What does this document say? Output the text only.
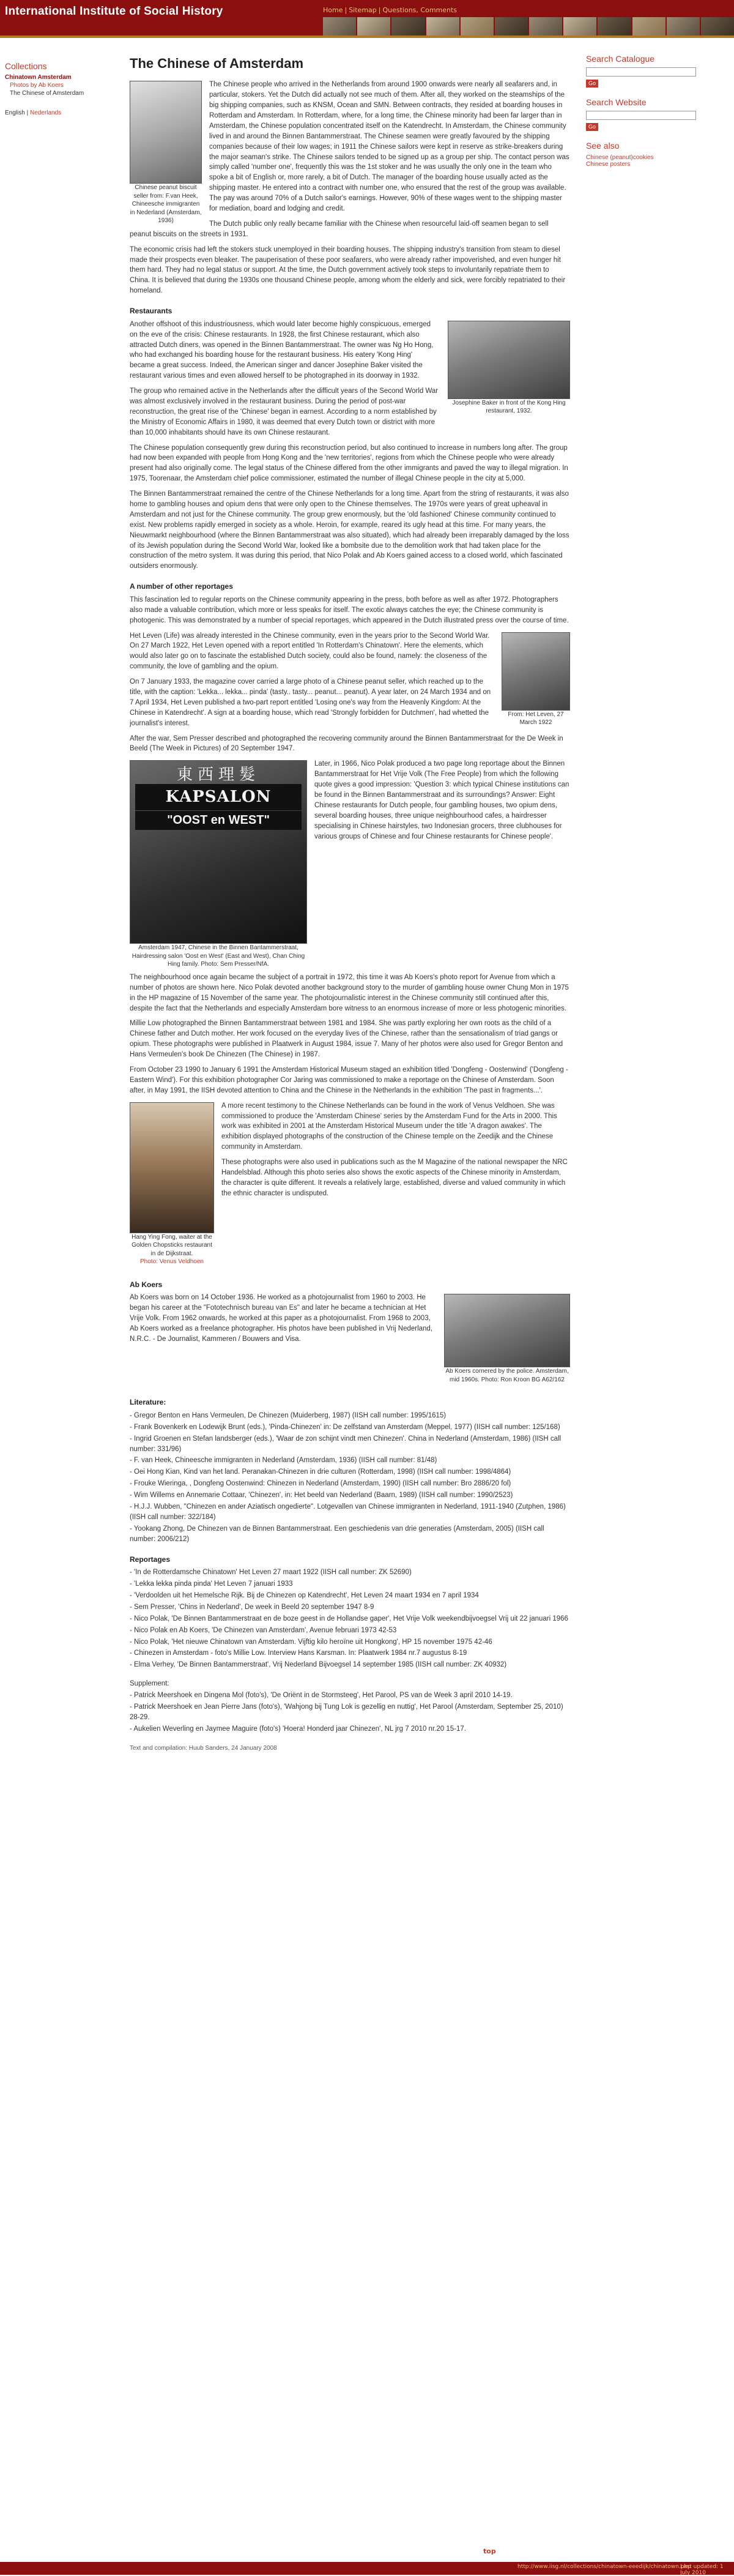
International Institute of Social History	Home | Sitemap | Questions, Comments
Collections
Chinatown Amsterdam
Photos by Ab Koers
The Chinese of Amsterdam
English | Nederlands
Search Catalogue
Go
Search Website
Go
See also
Chinese (peanut)cookies
Chinese posters
The Chinese of Amsterdam
Chinese peanut biscuit seller from: F.van Heek, Chineesche immigranten in Nederland (Amsterdam, 1936)

The Chinese people who arrived in the Netherlands from around 1900 onwards were nearly all seafarers and, in particular, stokers. Yet the Dutch did actually not see much of them. After all, they worked on the steamships of the big shipping companies, such as KNSM, Ocean and SMN. Between contracts, they resided at boarding houses in Rotterdam and Amsterdam. In Rotterdam, where, for a long time, the Chinese minority had been far larger than in Amsterdam, the Chinese population concentrated itself on the Katendrecht. In Amsterdam, the Chinese community lived in and around the Binnen Bantammerstraat. The Chinese seamen were greatly favoured by the shipping companies because of their low wages; in 1911 the Chinese sailors were kept in reserve as strike-breakers during the major seaman's strike. The Chinese sailors tended to be signed up as a group per ship. The contact person was simply called 'number one', frequently this was the 1st stoker and he was usually the only one in the team who spoke a bit of English or, more rarely, a bit of Dutch. The manager of the boarding house usually acted as the shipping master. He entered into a contract with number one, who ensured that the rest of the group was available. The pay was around 70% of a Dutch sailor's earnings. However, 90% of these wages went to the shipping master for mediation, board and lodging and credit.

The Dutch public only really became familiar with the Chinese when resourceful laid-off seamen began to sell peanut biscuits on the streets in 1931.

The economic crisis had left the stokers stuck unemployed in their boarding houses. The shipping industry's transition from steam to diesel made their prospects even bleaker. The pauperisation of these poor seafarers, who were already rather impoverished, and even hunger hit them hard. They had no legal status or support. At the time, the Dutch government actively took steps to involuntarily repatriate them to China. It is believed that during the 1930s one thousand Chinese people, among whom the elderly and sick, were forcibly repatriated to their homeland.

Restaurants
Josephine Baker in front of the Kong Hing restaurant, 1932.

Another offshoot of this industriousness, which would later become highly conspicuous, emerged on the eve of the crisis: Chinese restaurants. In 1928, the first Chinese restaurant, which also attracted Dutch diners, was opened in the Binnen Bantammerstraat. The owner was Ng Ho Hong, who had exchanged his boarding house for the restaurant business. His eatery 'Kong Hing' became a great success. Indeed, the American singer and dancer Josephine Baker visited the restaurant various times and even allowed herself to be photographed in its doorway in 1932.

The group who remained active in the Netherlands after the difficult years of the Second World War was almost exclusively involved in the restaurant business. During the period of post-war reconstruction, the great rise of the 'Chinese' began in earnest. According to a norm established by the Ministry of Economic Affairs in 1980, it was deemed that every Dutch town or district with more than 10,000 inhabitants should have its own Chinese restaurant.

The Chinese population consequently grew during this reconstruction period, but also continued to increase in numbers long after. The group had now been expanded with people from Hong Kong and the 'new territories', regions from which the Chinese people who were already present had also originally come. The legal status of the Chinese differed from the other immigrants and paved the way to illegal migration. In 1975, Toorenaar, the Amsterdam chief police commissioner, estimated the number of illegal Chinese people in the city at 5,000.

The Binnen Bantammerstraat remained the centre of the Chinese Netherlands for a long time. Apart from the string of restaurants, it was also home to gambling houses and opium dens that were only open to the Chinese themselves. The 1970s were years of great upheaval in Amsterdam and not just for the Chinese community. The group grew enormously, but the 'old fashioned' Chinese community continued to exist. New problems rapidly emerged in society as a whole. Heroin, for example, reared its ugly head at this time. For many years, the Nieuwmarkt neighbourhood (where the Binnen Bantammerstraat was also situated), which had already been irreparably damaged by the loss of its Jewish population during the Second World War, looked like a bombsite due to the demolition work that had taken place for the construction of the metro system. It was during this period, that Nico Polak and Ab Koers gained access to a closed world, which fascinated outsiders enormously.

A number of other reportages

This fascination led to regular reports on the Chinese community appearing in the press, both before as well as after 1972. Photographers also made a valuable contribution, which more or less speaks for itself. The exotic always catches the eye; the Chinese community is photogenic. This was demonstrated by a number of special reportages, which appeared in the Dutch illustrated press over the course of time.

From: Het Leven, 27 March 1922

Het Leven (Life) was already interested in the Chinese community, even in the years prior to the Second World War. On 27 March 1922, Het Leven opened with a report entitled 'In Rotterdam's Chinatown'. Here the elements, which would also later go on to fascinate the established Dutch society, could also be found, namely: the closeness of the community, the love of gambling and the opium.

On 7 January 1933, the magazine cover carried a large photo of a Chinese peanut seller, which reached up to the title, with the caption: 'Lekka... lekka... pinda' (tasty.. tasty... peanut... peanut). A year later, on 24 March 1934 and on 7 April 1934, Het Leven published a two-part report entitled 'Losing one's way from the Heavenly Kingdom: At the Chinese in Katendrecht'. A sign at a boarding house, which read 'Strongly forbidden for Dutchmen', had whetted the journalist's interest.

After the war, Sem Presser described and photographed the recovering community around the Binnen Bantammerstraat for the De Week in Beeld (The Week in Pictures) of 20 September 1947.

東西理髮
KAPSALON
"OOST en WEST"
Amsterdam 1947, Chinese in the Binnen Bantammerstraat, Hairdressing salon 'Oost en West' (East and West), Chan Ching Hing family. Photo: Sem Presser/NfA.

Later, in 1966, Nico Polak produced a two page long reportage about the Binnen Bantammerstraat for Het Vrije Volk (The Free People) from which the following quote gives a good impression: 'Question 3: which typical Chinese institutions can be found in the Binnen Bantammerstraat and its surroundings? Answer: Eight Chinese restaurants for Dutch people, four gambling houses, two opium dens, several boarding houses, three unique neighbourhood cafes, a hairdresser specialising in Chinese hairstyles, two Indonesian grocers, three clubhouses for various groups of Chinese and four Chinese restaurants for Chinese people'.

The neighbourhood once again became the subject of a portrait in 1972, this time it was Ab Koers's photo report for Avenue from which a number of photos are shown here. Nico Polak devoted another background story to the murder of gambling house owner Chung Mon in 1975 in the HP magazine of 15 November of the same year. The photojournalistic interest in the Chinese community still continued after this, despite the fact that the Netherlands and especially Amsterdam bore witness to an enormous increase of more or less photogenic minorities.

Millie Low photographed the Binnen Bantammerstraat between 1981 and 1984. She was partly exploring her own roots as the child of a Chinese father and Dutch mother. Her work focused on the everyday lives of the Chinese, rather than the sensationalism of triad gangs or opium. These photographs were published in Plaatwerk in August 1984, issue 7. Many of her photos were also used for Gregor Benton and Hans Vermeulen's book De Chinezen (The Chinese) in 1987.

From October 23 1990 to January 6 1991 the Amsterdam Historical Museum staged an exhibition titled 'Dongfeng - Oostenwind' ('Dongfeng - Eastern Wind'). For this exhibition photographer Cor Jaring was commissioned to make a reportage on the Chinese of Amsterdam. Soon after, in May 1991, the IISH devoted attention to China and the Chinese in the Netherlands in the exhibition 'The past in fragments...'.

Hang Ying Fong, waiter at the Golden Chopsticks restaurant in de Dijkstraat.
Photo: Venus Veldhoen

A more recent testimony to the Chinese Netherlands can be found in the work of Venus Veldhoen. She was commissioned to produce the 'Amsterdam Chinese' series by the Amsterdam Fund for the Arts in 2000. This work was exhibited in 2001 at the Amsterdam Historical Museum under the title 'A dragon awakes'. The exhibition displayed photographs of the construction of the Chinese temple on the Zeedijk and the Chinese community in Amsterdam.

These photographs were also used in publications such as the M Magazine of the national newspaper the NRC Handelsblad. Although this photo series also shows the exotic aspects of the Chinese minority in Amsterdam, the character is quite different. It reveals a relatively large, established, diverse and valued community in which the ethnic character is undisputed.

Ab Koers
Ab Koers cornered by the police. Amsterdam, mid 1960s. Photo: Ron Kroon BG A62/162

Ab Koers was born on 14 October 1936. He worked as a photojournalist from 1960 to 2003. He began his career at the "Fototechnisch bureau van Es" and later he became a technician at Het Vrije Volk. From 1962 onwards, he worked at this paper as a photojournalist. From 1968 to 2003, Ab Koers worked as a freelance photographer. His photos have been published in Vrij Nederland, N.R.C. - De Journalist, Kammeren / Bouwers and Visa.

Literature:
- Gregor Benton en Hans Vermeulen, De Chinezen (Muiderberg, 1987) (IISH call number: 1995/1615)
- Frank Bovenkerk en Lodewijk Brunt (eds.), 'Pinda-Chinezen' in: De zelfstand van Amsterdam (Meppel, 1977) (IISH call number: 125/168)
- Ingrid Groenen en Stefan landsberger (eds.), 'Waar de zon schijnt vindt men Chinezen'. China in Nederland (Amsterdam, 1986) (IISH call number: 331/96)
- F. van Heek, Chineesche immigranten in Nederland (Amsterdam, 1936) (IISH call number: 81/48)
- Oei Hong Kian, Kind van het land. Peranakan-Chinezen in drie culturen (Rotterdam, 1998) (IISH call number: 1998/4864)
- Frouke Wieringa, , Dongfeng Oostenwind: Chinezen in Nederland (Amsterdam, 1990) (IISH call number: Bro 2886/20 fol)
- Wim Willems en Annemarie Cottaar, 'Chinezen', in: Het beeld van Nederland (Baarn, 1989) (IISH call number: 1990/2523)
- H.J.J. Wubben, "Chinezen en ander Aziatisch ongedierte". Lotgevallen van Chinese immigranten in Nederland, 1911-1940 (Zutphen, 1986) (IISH call number: 322/184)
- Yookang Zhong, De Chinezen van de Binnen Bantammerstraat. Een geschiedenis van drie generaties (Amsterdam, 2005) (IISH call number: 2006/212)
Reportages
- 'In de Rotterdamsche Chinatown' Het Leven 27 maart 1922 (IISH call number: ZK 52690)
- 'Lekka lekka pinda pinda' Het Leven 7 januari 1933
- 'Verdoolden uit het Hemelsche Rijk. Bij de Chinezen op Katendrecht', Het Leven 24 maart 1934 en 7 april 1934
- Sem Presser, 'Chins in Nederland', De week in Beeld 20 september 1947 8-9
- Nico Polak, 'De Binnen Bantammerstraat en de boze geest in de Hollandse gaper', Het Vrije Volk weekendbijvoegsel Vrij uit 22 januari 1966
- Nico Polak en Ab Koers, 'De Chinezen van Amsterdam', Avenue februari 1973 42-53
- Nico Polak, 'Het nieuwe Chinatown van Amsterdam. Vijftig kilo heroïne uit Hongkong', HP 15 november 1975 42-46
- Chinezen in Amsterdam - foto's Millie Low. Interview Hans Karsman. In: Plaatwerk 1984 nr.7 augustus 8-19
- Elma Verhey, 'De Binnen Bantammerstraat', Vrij Nederland Bijvoegsel 14 september 1985 (IISH call number: ZK 40932)

Supplement:

- Patrick Meershoek en Dingena Mol (foto's), 'De Oriënt in de Stormsteeg', Het Parool, PS van de Week 3 april 2010 14-19.
- Patrick Meershoek en Jean Pierre Jans (foto's), 'Wahjong bij Tung Lok is gezellig en nuttig', Het Parool (Amsterdam, September 25, 2010) 28-29.
- Aukelien Weverling en Jaymee Maguire (foto's) 'Hoera! Honderd jaar Chinezen', NL jrg 7 2010 nr.20 15-17.
Text and compilation: Huub Sanders, 24 January 2008
top
http://www.iisg.nl/collections/chinatown-eeedijk/chinatown.php
Last updated: 1 July 2010
